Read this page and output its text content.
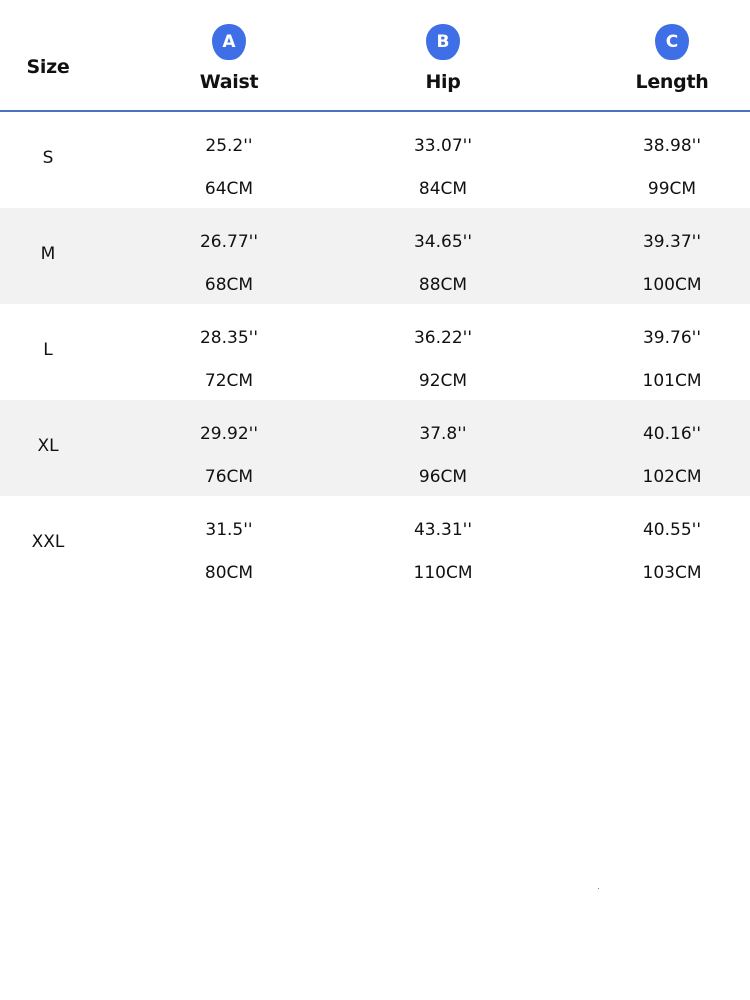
Size
A
Waist
B
Hip
C
Length
S
25.2''
64CM
33.07''
84CM
38.98''
99CM
M
26.77''
68CM
34.65''
88CM
39.37''
100CM
L
28.35''
72CM
36.22''
92CM
39.76''
101CM
XL
29.92''
76CM
37.8''
96CM
40.16''
102CM
XXL
31.5''
80CM
43.31''
110CM
40.55''
103CM
